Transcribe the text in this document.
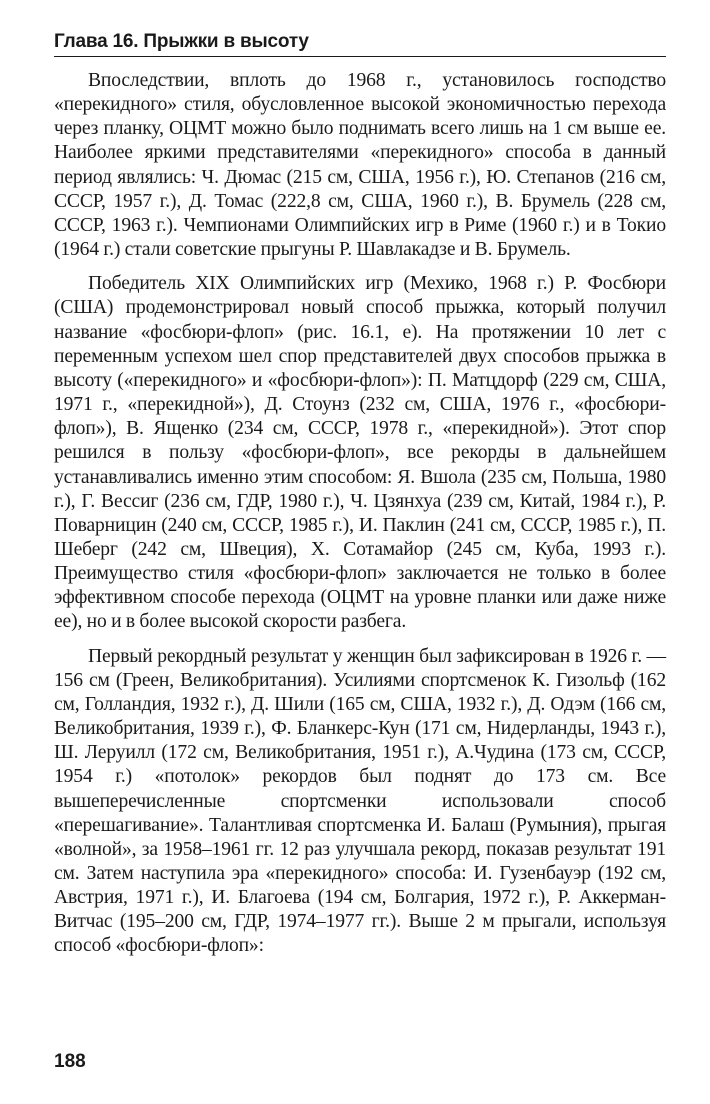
Глава 16. Прыжки в высоту

Впоследствии, вплоть до 1968 г., установилось господство «перекидного» стиля, обусловленное высокой экономичностью перехода через планку, ОЦМТ можно было поднимать всего лишь на 1 см выше ее. Наиболее яркими представителями «перекидного» способа в данный период являлись: Ч. Дюмас (215 см, США, 1956 г.), Ю. Степанов (216 см, СССР, 1957 г.), Д. Томас (222,8 см, США, 1960 г.), В. Брумель (228 см, СССР, 1963 г.). Чемпионами Олимпийских игр в Риме (1960 г.) и в Токио (1964 г.) стали советские прыгуны Р. Шавлакадзе и В. Брумель.

Победитель XIX Олимпийских игр (Мехико, 1968 г.) Р. Фосбюри (США) продемонстрировал новый способ прыжка, который получил название «фосбюри-флоп» (рис. 16.1, е). На протяжении 10 лет с переменным успехом шел спор представителей двух способов прыжка в высоту («перекидного» и «фосбюри-флоп»): П. Матцдорф (229 см, США, 1971 г., «перекидной»), Д. Стоунз (232 см, США, 1976 г., «фосбюри-флоп»), В. Ященко (234 см, СССР, 1978 г., «перекидной»). Этот спор решился в пользу «фосбюри-флоп», все рекорды в дальнейшем устанавливались именно этим способом: Я. Вшола (235 см, Польша, 1980 г.), Г. Вессиг (236 см, ГДР, 1980 г.), Ч. Цзянхуа (239 см, Китай, 1984 г.), Р. Поварницин (240 см, СССР, 1985 г.), И. Паклин (241 см, СССР, 1985 г.), П. Шеберг (242 см, Швеция), Х. Сотамайор (245 см, Куба, 1993 г.). Преимущество стиля «фосбюри-флоп» заключается не только в более эффективном способе перехода (ОЦМТ на уровне планки или даже ниже ее), но и в более высокой скорости разбега.

Первый рекордный результат у женщин был зафиксирован в 1926 г. — 156 см (Греен, Великобритания). Усилиями спортсменок К. Гизольф (162 см, Голландия, 1932 г.), Д. Шили (165 см, США, 1932 г.), Д. Одэм (166 см, Великобритания, 1939 г.), Ф. Бланкерс-Кун (171 см, Нидерланды, 1943 г.), Ш. Леруилл (172 см, Великобритания, 1951 г.), А.Чудина (173 см, СССР, 1954 г.) «потолок» рекордов был поднят до 173 см. Все вышеперечисленные спортсменки использовали способ «перешагивание». Талантливая спортсменка И. Балаш (Румыния), прыгая «волной», за 1958–1961 гг. 12 раз улучшала рекорд, показав результат 191 см. Затем наступила эра «перекидного» способа: И. Гузенбауэр (192 см, Австрия, 1971 г.), И. Благоева (194 см, Болгария, 1972 г.), Р. Аккерман-Витчас (195–200 см, ГДР, 1974–1977 гг.). Выше 2 м прыгали, используя способ «фосбюри-флоп»:

188
